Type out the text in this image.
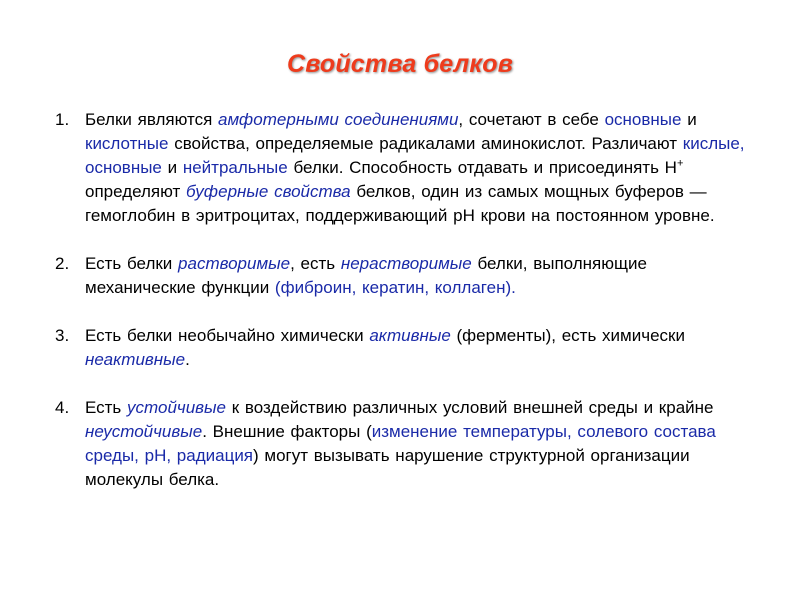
Свойства белков
1. Белки являются амфотерными соединениями, сочетают в себе основные и кислотные свойства, определяемые радикалами аминокислот. Различают кислые, основные и нейтральные белки. Способность отдавать и присоединять Н+ определяют буферные свойства белков, один из самых мощных буферов — гемоглобин в эритроцитах, поддерживающий рН крови на постоянном уровне.
2. Есть белки растворимые, есть нерастворимые белки, выполняющие механические функции (фиброин, кератин, коллаген).
3. Есть белки необычайно химически активные (ферменты), есть химически неактивные.
4. Есть устойчивые к воздействию различных условий внешней среды и крайне неустойчивые. Внешние факторы (изменение температуры, солевого состава среды, рН, радиация) могут вызывать нарушение структурной организации молекулы белка.
